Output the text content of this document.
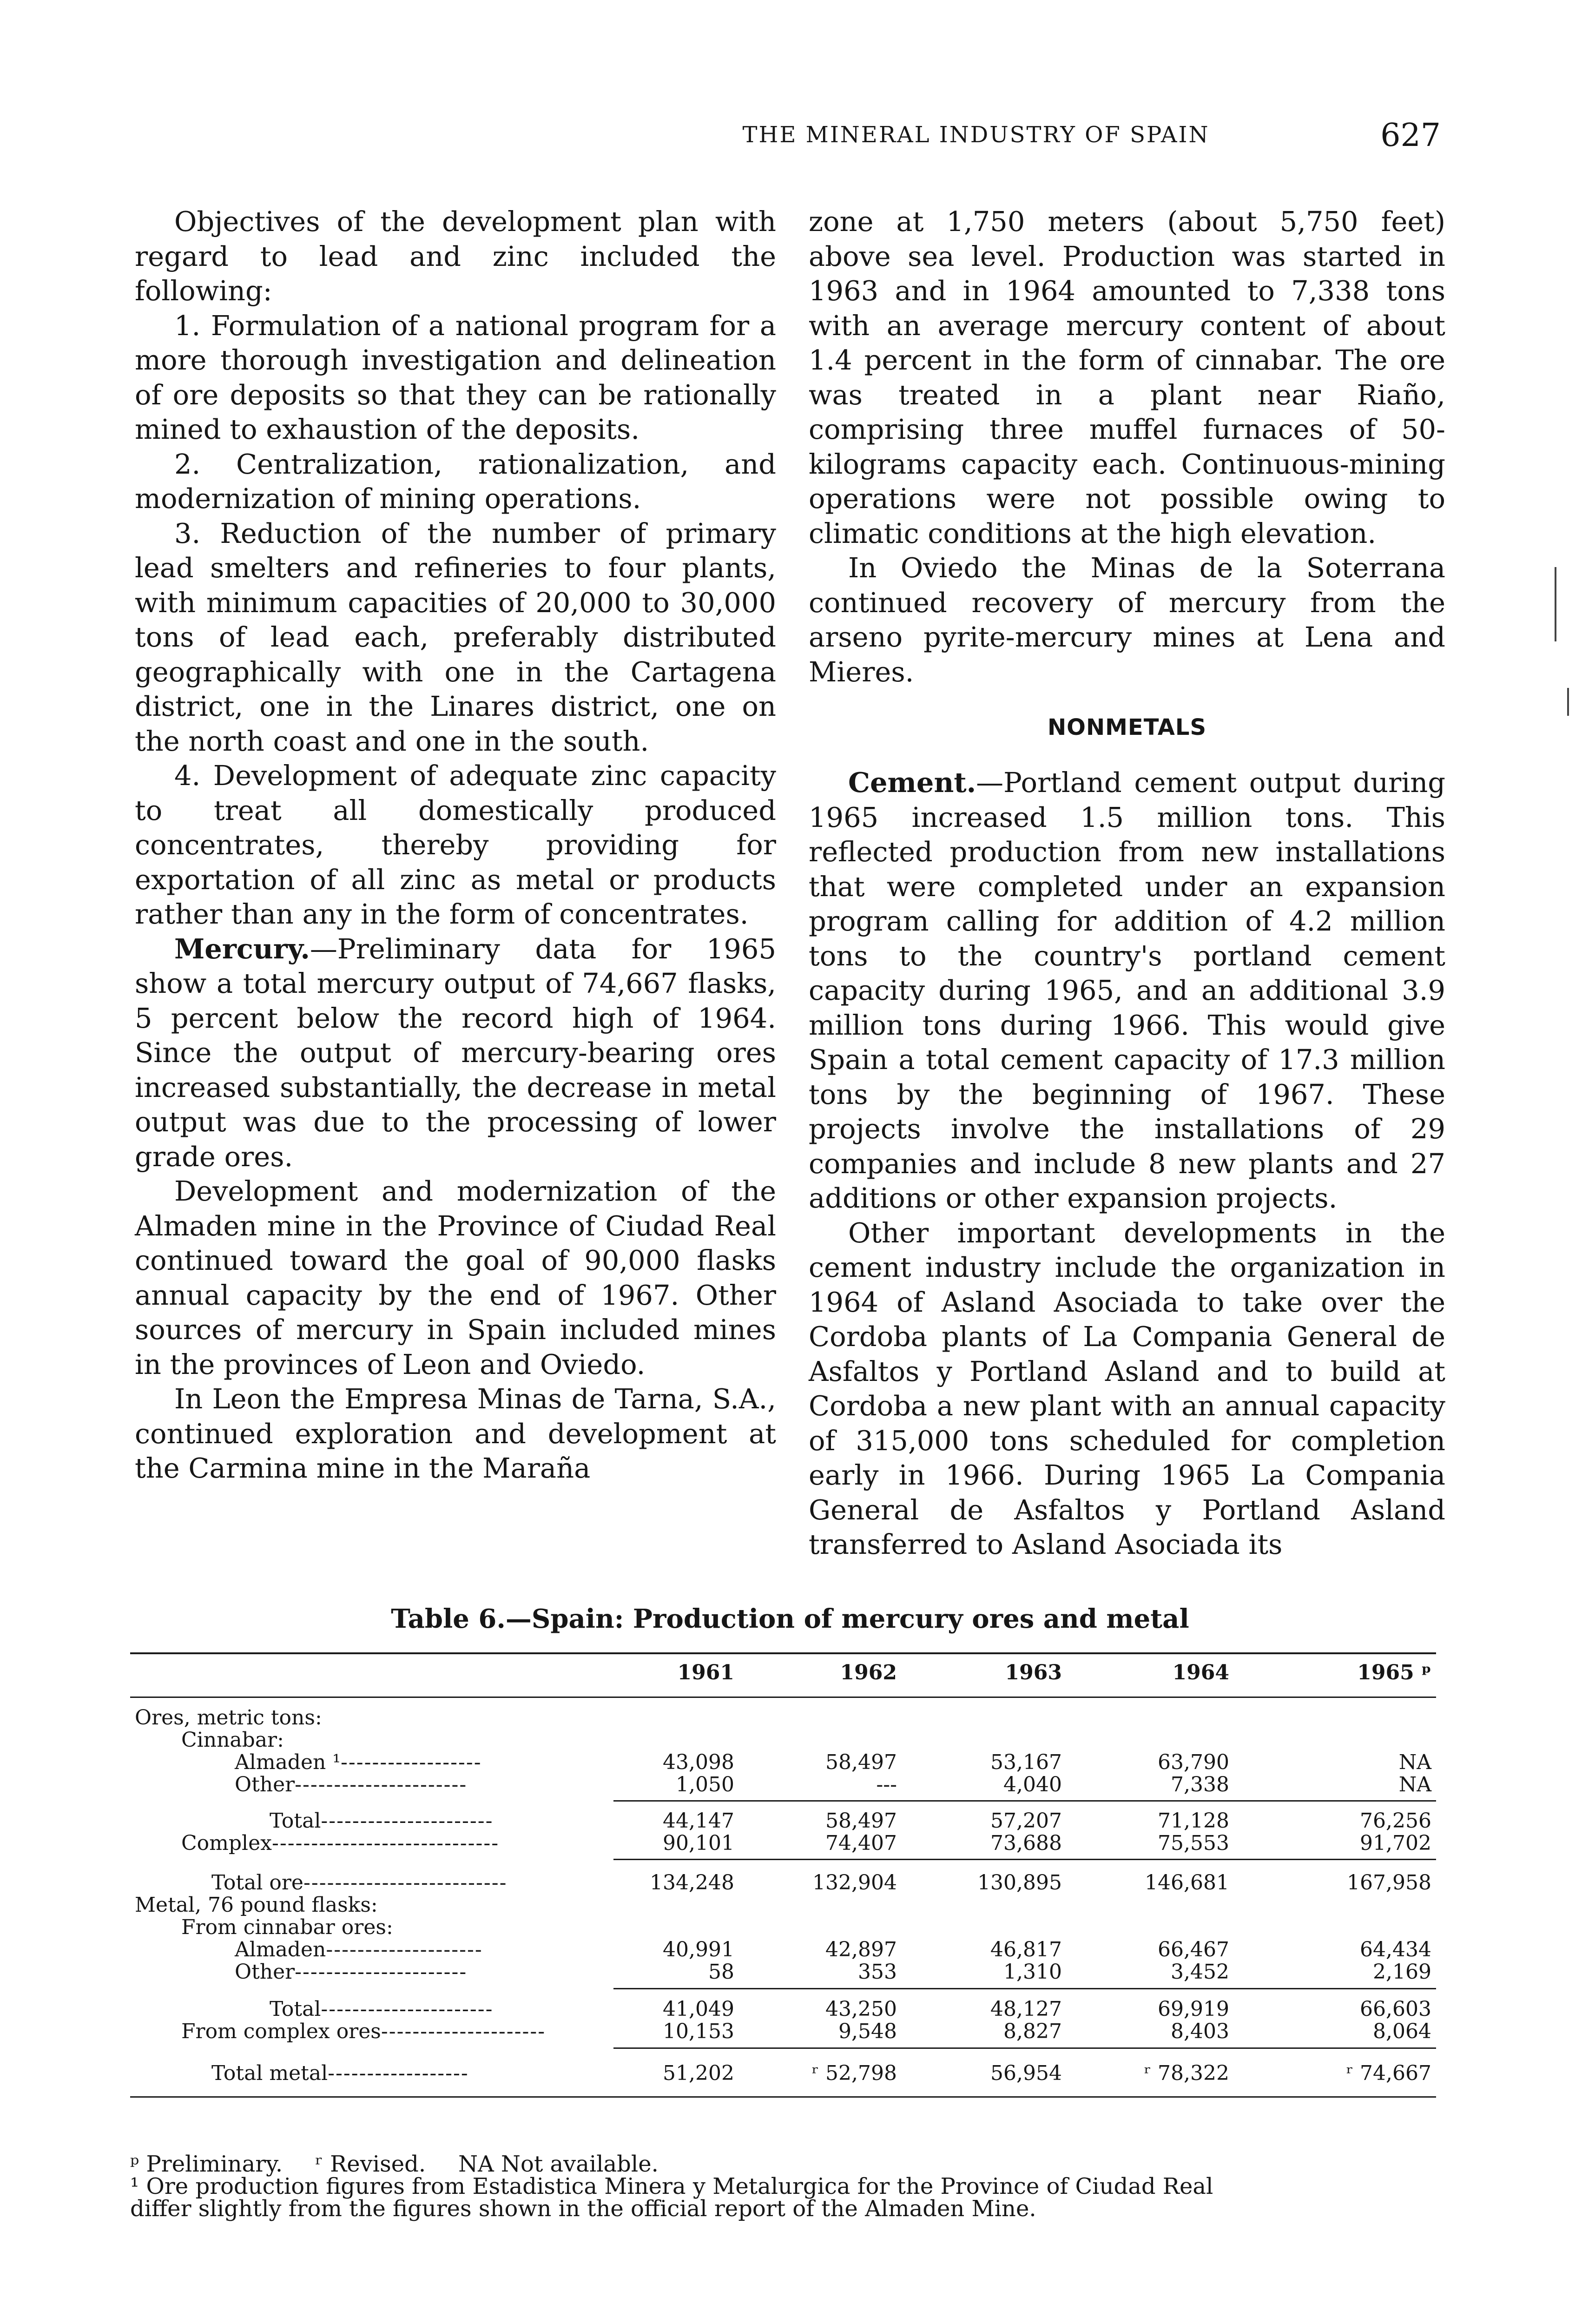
THE MINERAL INDUSTRY OF SPAIN	627

Objectives of the development plan with regard to lead and zinc included the following:

1. Formulation of a national program for a more thorough investigation and delineation of ore deposits so that they can be rationally mined to exhaustion of the deposits.

2. Centralization, rationalization, and modernization of mining operations.

3. Reduction of the number of primary lead smelters and refineries to four plants, with minimum capacities of 20,000 to 30,000 tons of lead each, preferably distributed geographically with one in the Cartagena district, one in the Linares district, one on the north coast and one in the south.

4. Development of adequate zinc capacity to treat all domestically produced concentrates, thereby providing for exportation of all zinc as metal or products rather than any in the form of concentrates.

Mercury.—Preliminary data for 1965 show a total mercury output of 74,667 flasks, 5 percent below the record high of 1964. Since the output of mercury-bearing ores increased substantially, the decrease in metal output was due to the processing of lower grade ores.

Development and modernization of the Almaden mine in the Province of Ciudad Real continued toward the goal of 90,000 flasks annual capacity by the end of 1967. Other sources of mercury in Spain included mines in the provinces of Leon and Oviedo.

In Leon the Empresa Minas de Tarna, S.A., continued exploration and development at the Carmina mine in the Maraña

zone at 1,750 meters (about 5,750 feet) above sea level. Production was started in 1963 and in 1964 amounted to 7,338 tons with an average mercury content of about 1.4 percent in the form of cinnabar. The ore was treated in a plant near Riaño, comprising three muffel furnaces of 50-kilograms capacity each. Continuous-mining operations were not possible owing to climatic conditions at the high elevation.

In Oviedo the Minas de la Soterrana continued recovery of mercury from the arseno pyrite-mercury mines at Lena and Mieres.

NONMETALS

Cement.—Portland cement output during 1965 increased 1.5 million tons. This reflected production from new installations that were completed under an expansion program calling for addition of 4.2 million tons to the country's portland cement capacity during 1965, and an additional 3.9 million tons during 1966. This would give Spain a total cement capacity of 17.3 million tons by the beginning of 1967. These projects involve the installations of 29 companies and include 8 new plants and 27 additions or other expansion projects.

Other important developments in the cement industry include the organization in 1964 of Asland Asociada to take over the Cordoba plants of La Compania General de Asfaltos y Portland Asland and to build at Cordoba a new plant with an annual capacity of 315,000 tons scheduled for completion early in 1966. During 1965 La Compania General de Asfaltos y Portland Asland transferred to Asland Asociada its

Table 6.—Spain: Production of mercury ores and metal
1961	1962	1963	1964	1965 ᵖ
Ores, metric tons:
Cinnabar:
Almaden ¹------------------	43,098	58,497	53,167	63,790	NA
Other----------------------	1,050	---	4,040	7,338	NA
Total----------------------	44,147	58,497	57,207	71,128	76,256
Complex-----------------------------	90,101	74,407	73,688	75,553	91,702
Total ore--------------------------	134,248	132,904	130,895	146,681	167,958
Metal, 76 pound flasks:
From cinnabar ores:
Almaden--------------------	40,991	42,897	46,817	66,467	64,434
Other----------------------	58	353	1,310	3,452	2,169
Total----------------------	41,049	43,250	48,127	69,919	66,603
From complex ores---------------------	10,153	9,548	8,827	8,403	8,064
Total metal------------------	51,202	ʳ 52,798	56,954	ʳ 78,322	ʳ 74,667
ᵖ Preliminary. ʳ Revised. NA Not available.
¹ Ore production figures from Estadistica Minera y Metalurgica for the Province of Ciudad Real
differ slightly from the figures shown in the official report of the Almaden Mine.
